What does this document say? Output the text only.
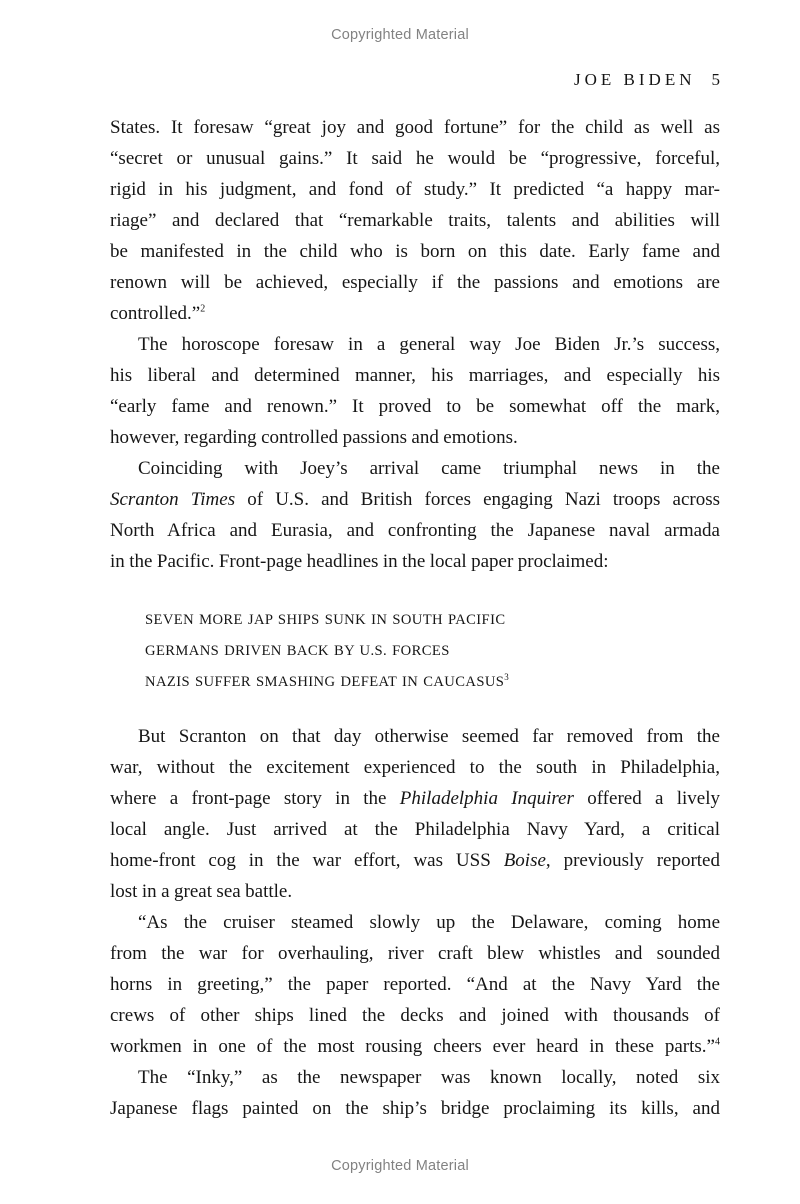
Copyrighted Material
JOE BIDEN 5
States. It foresaw “great joy and good fortune” for the child as well as
“secret or unusual gains.” It said he would be “progressive, forceful,
rigid in his judgment, and fond of study.” It predicted “a happy mar-
riage” and declared that “remarkable traits, talents and abilities will
be manifested in the child who is born on this date. Early fame and
renown will be achieved, especially if the passions and emotions are
controlled.”$^2$
The horoscope foresaw in a general way Joe Biden Jr.’s success,
his liberal and determined manner, his marriages, and especially his
“early fame and renown.” It proved to be somewhat off the mark,
however, regarding controlled passions and emotions.
Coinciding with Joey’s arrival came triumphal news in the
Scranton Times of U.S. and British forces engaging Nazi troops across
North Africa and Eurasia, and confronting the Japanese naval armada
in the Pacific. Front-page headlines in the local paper proclaimed:
SEVEN MORE JAP SHIPS SUNK IN SOUTH PACIFIC
GERMANS DRIVEN BACK BY U.S. FORCES
NAZIS SUFFER SMASHING DEFEAT IN CAUCASUS$^3$
But Scranton on that day otherwise seemed far removed from the
war, without the excitement experienced to the south in Philadelphia,
where a front-page story in the Philadelphia Inquirer offered a lively
local angle. Just arrived at the Philadelphia Navy Yard, a critical
home-front cog in the war effort, was USS Boise, previously reported
lost in a great sea battle.
“As the cruiser steamed slowly up the Delaware, coming home
from the war for overhauling, river craft blew whistles and sounded
horns in greeting,” the paper reported. “And at the Navy Yard the
crews of other ships lined the decks and joined with thousands of
workmen in one of the most rousing cheers ever heard in these parts.”$^4$
The “Inky,” as the newspaper was known locally, noted six
Japanese flags painted on the ship’s bridge proclaiming its kills, and
Copyrighted Material
